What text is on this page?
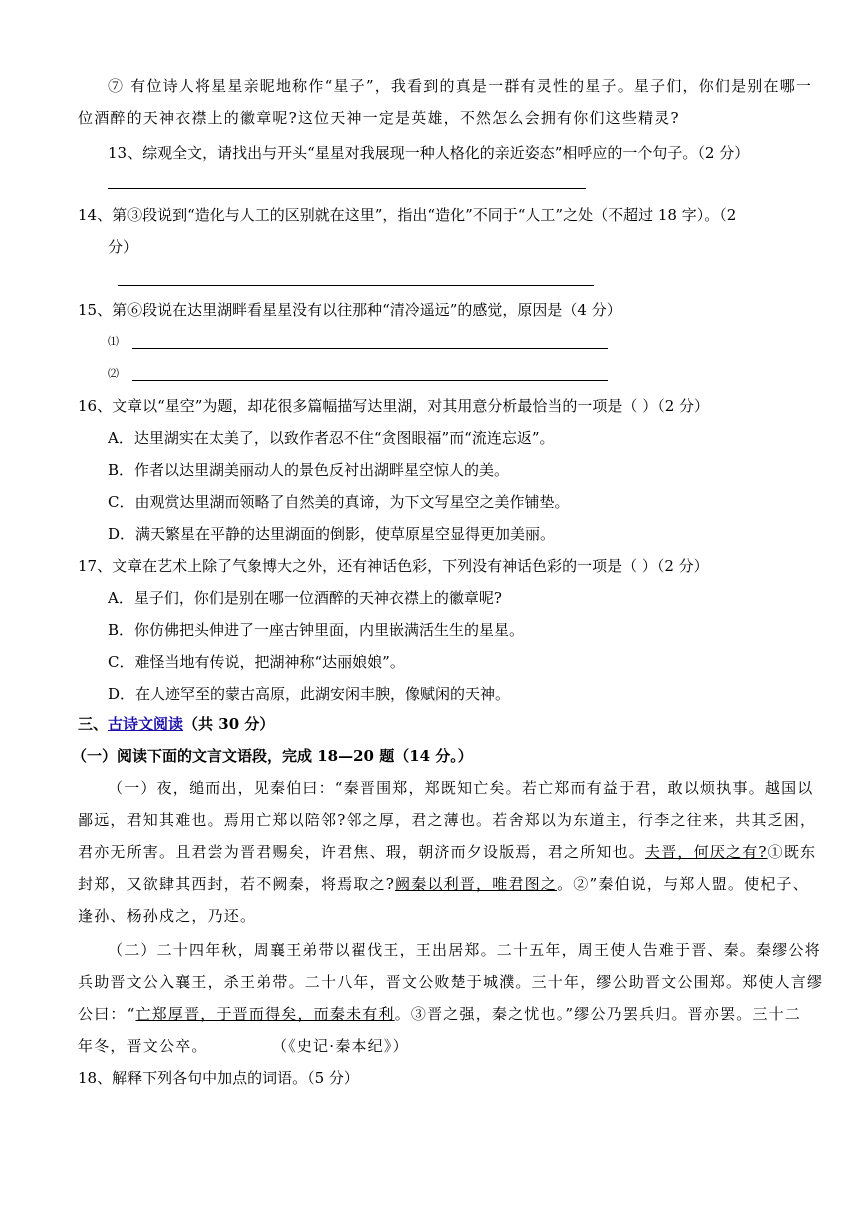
⑦ 有位诗人将星星亲昵地称作“星子”，我看到的真是一群有灵性的星子。星子们，你们是别在哪一

位酒醉的天神衣襟上的徽章呢?这位天神一定是英雄，不然怎么会拥有你们这些精灵?

13、综观全文，请找出与开头“星星对我展现一种人格化的亲近姿态”相呼应的一个句子。（2 分）

14、第③段说到“造化与人工的区别就在这里”，指出“造化”不同于“人工”之处（不超过 18 字）。（2

分）

15、第⑥段说在达里湖畔看星星没有以往那种“清冷遥远”的感觉，原因是（4 分）

⑴
⑵

16、文章以“星空”为题，却花很多篇幅描写达里湖，对其用意分析最恰当的一项是（ ）（2 分）

A．达里湖实在太美了，以致作者忍不住“贪图眼福”而“流连忘返”。

B．作者以达里湖美丽动人的景色反衬出湖畔星空惊人的美。

C．由观赏达里湖而领略了自然美的真谛，为下文写星空之美作铺垫。

D．满天繁星在平静的达里湖面的倒影，使草原星空显得更加美丽。

17、文章在艺术上除了气象博大之外，还有神话色彩，下列没有神话色彩的一项是（ ）（2 分）

A．星子们，你们是别在哪一位酒醉的天神衣襟上的徽章呢?

B．你仿佛把头伸进了一座古钟里面，内里嵌满活生生的星星。

C．难怪当地有传说，把湖神称“达丽娘娘”。

D．在人迹罕至的蒙古高原，此湖安闲丰腴，像赋闲的天神。

三、古诗文阅读（共 30 分）

（一）阅读下面的文言文语段，完成 18—20 题（14 分。）

（一）夜，缒而出，见秦伯曰：“秦晋围郑，郑既知亡矣。若亡郑而有益于君，敢以烦执事。越国以

鄙远，君知其难也。焉用亡郑以陪邻?邻之厚，君之薄也。若舍郑以为东道主，行李之往来，共其乏困，

君亦无所害。且君尝为晋君赐矣，许君焦、瑕，朝济而夕设版焉，君之所知也。夫晋，何厌之有?①既东

封郑，又欲肆其西封，若不阙秦，将焉取之?阙秦以利晋，唯君图之。②”秦伯说，与郑人盟。使杞子、

逢孙、杨孙戍之，乃还。

（二）二十四年秋，周襄王弟带以翟伐王，王出居郑。二十五年，周王使人告难于晋、秦。秦缪公将

兵助晋文公入襄王，杀王弟带。二十八年，晋文公败楚于城濮。三十年，缪公助晋文公围郑。郑使人言缪

公曰：“亡郑厚晋，于晋而得矣，而秦未有利。③晋之强，秦之忧也。”缪公乃罢兵归。晋亦罢。三十二

年冬，晋文公卒。	（《史记·秦本纪》）

18、解释下列各句中加点的词语。（5 分）
